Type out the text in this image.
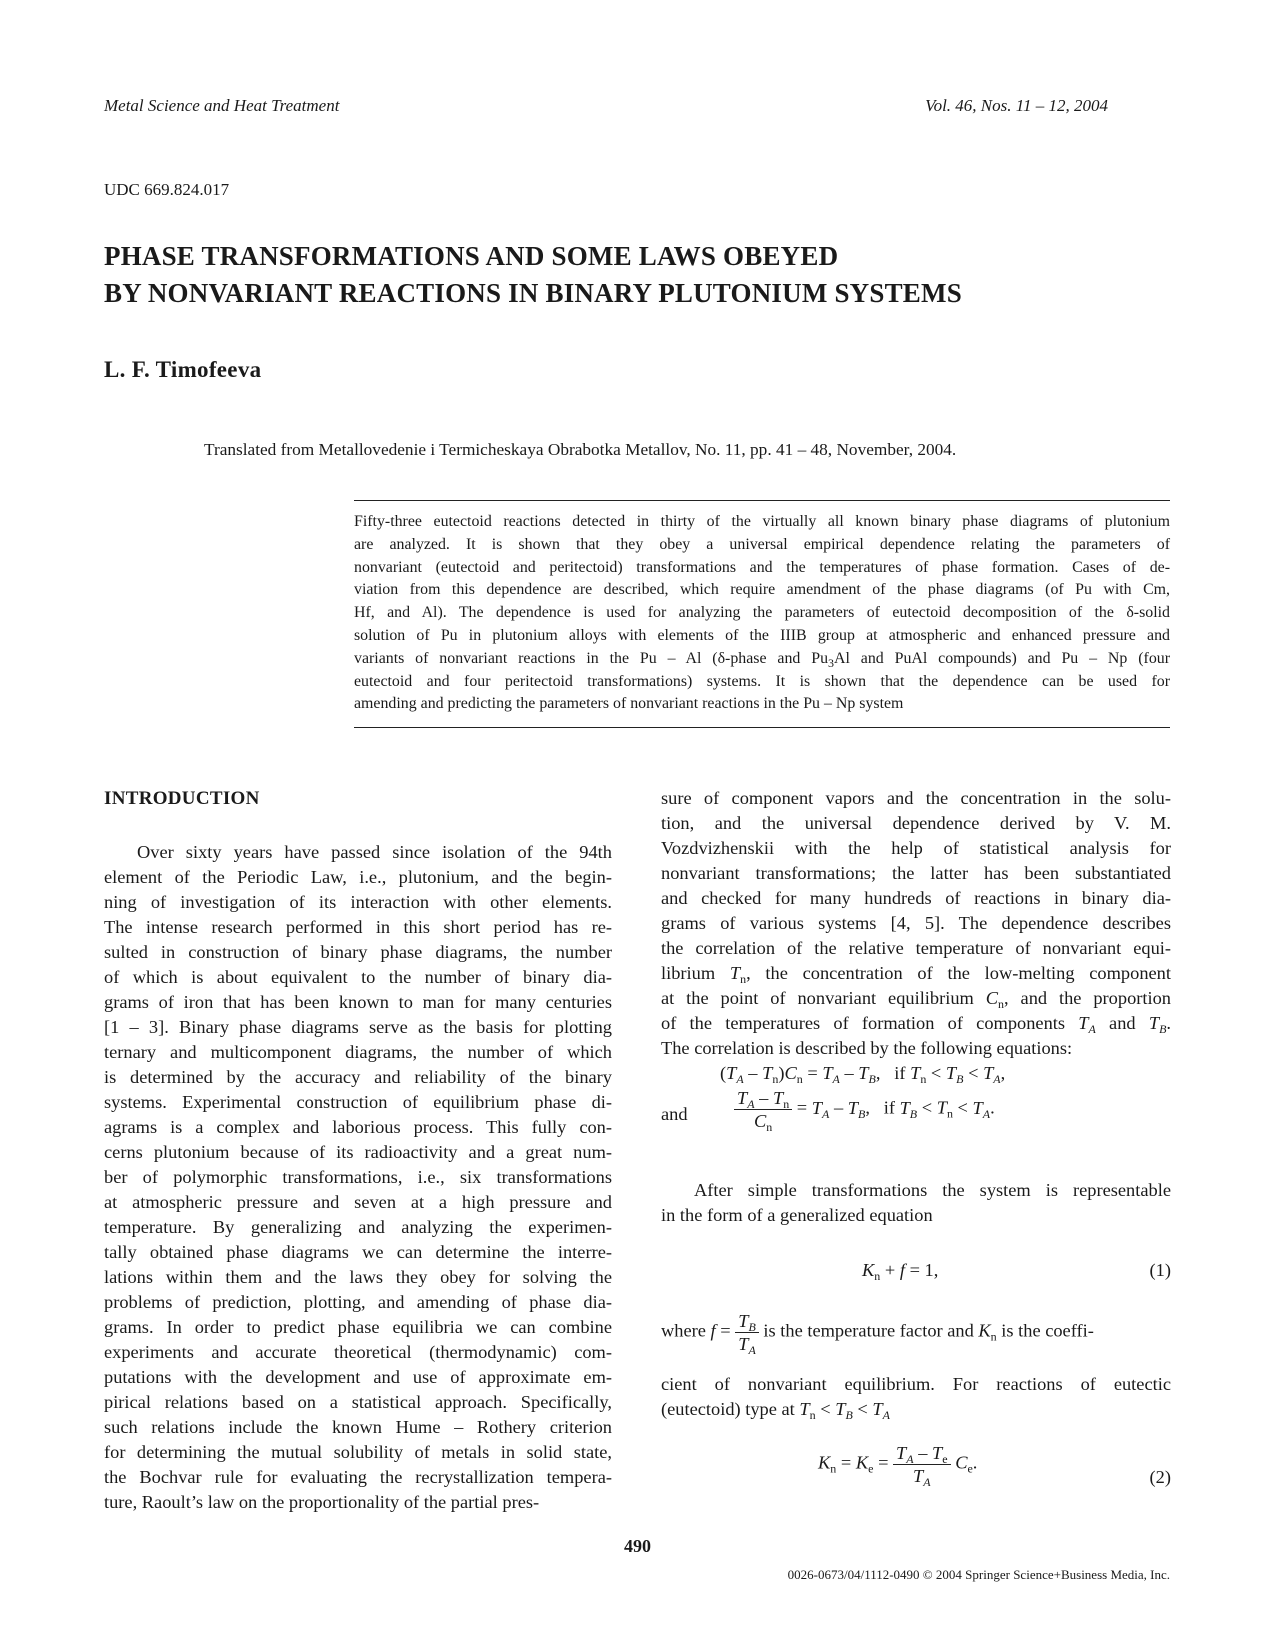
Metal Science and Heat Treatment	Vol. 46, Nos. 11 – 12, 2004
UDC 669.824.017
PHASE TRANSFORMATIONS AND SOME LAWS OBEYED
BY NONVARIANT REACTIONS IN BINARY PLUTONIUM SYSTEMS
L. F. Timofeeva
Translated from Metallovedenie i Termicheskaya Obrabotka Metallov, No. 11, pp. 41 – 48, November, 2004.
Fifty-three eutectoid reactions detected in thirty of the virtually all known binary phase diagrams of plutonium
are analyzed. It is shown that they obey a universal empirical dependence relating the parameters of
nonvariant (eutectoid and peritectoid) transformations and the temperatures of phase formation. Cases of de-
viation from this dependence are described, which require amendment of the phase diagrams (of Pu with Cm,
Hf, and Al). The dependence is used for analyzing the parameters of eutectoid decomposition of the δ-solid
solution of Pu in plutonium alloys with elements of the IIIB group at atmospheric and enhanced pressure and
variants of nonvariant reactions in the Pu – Al (δ-phase and $Pu_3Al$ and PuAl compounds) and Pu – Np (four
eutectoid and four peritectoid transformations) systems. It is shown that the dependence can be used for
amending and predicting the parameters of nonvariant reactions in the Pu – Np system
INTRODUCTION
Over sixty years have passed since isolation of the 94th
element of the Periodic Law, i.e., plutonium, and the begin-
ning of investigation of its interaction with other elements.
The intense research performed in this short period has re-
sulted in construction of binary phase diagrams, the number
of which is about equivalent to the number of binary dia-
grams of iron that has been known to man for many centuries
[1 – 3]. Binary phase diagrams serve as the basis for plotting
ternary and multicomponent diagrams, the number of which
is determined by the accuracy and reliability of the binary
systems. Experimental construction of equilibrium phase di-
agrams is a complex and laborious process. This fully con-
cerns plutonium because of its radioactivity and a great num-
ber of polymorphic transformations, i.e., six transformations
at atmospheric pressure and seven at a high pressure and
temperature. By generalizing and analyzing the experimen-
tally obtained phase diagrams we can determine the interre-
lations within them and the laws they obey for solving the
problems of prediction, plotting, and amending of phase dia-
grams. In order to predict phase equilibria we can combine
experiments and accurate theoretical (thermodynamic) com-
putations with the development and use of approximate em-
pirical relations based on a statistical approach. Specifically,
such relations include the known Hume – Rothery criterion
for determining the mutual solubility of metals in solid state,
the Bochvar rule for evaluating the recrystallization tempera-
ture, Raoult’s law on the proportionality of the partial pres-
sure of component vapors and the concentration in the solu-
tion, and the universal dependence derived by V. M.
Vozdvizhenskii with the help of statistical analysis for
nonvariant transformations; the latter has been substantiated
and checked for many hundreds of reactions in binary dia-
grams of various systems [4, 5]. The dependence describes
the correlation of the relative temperature of nonvariant equi-
librium $T_n$, the concentration of the low-melting component
at the point of nonvariant equilibrium $C_n$, and the proportion
of the temperatures of formation of components $T_A$ and $T_B$.
The correlation is described by the following equations:
$(T_A - T_n)C_n = T_A - T_B$,   if $T_n < T_B < T_A$,
and	$\frac{T_A - T_n}{C_n} = T_A - T_B$,   if $T_B < T_n < T_A$.
After simple transformations the system is representable
in the form of a generalized equation
$K_n + f = 1$,	(1)
where $f = \frac{T_B}{T_A}$ is the temperature factor and $K_n$ is the coeffi-
cient of nonvariant equilibrium. For reactions of eutectic
(eutectoid) type at $T_n < T_B < T_A$
$K_n = K_e = \frac{T_A - T_e}{T_A} C_e$.
(2)
490
0026-0673/04/1112-0490 © 2004 Springer Science+Business Media, Inc.
